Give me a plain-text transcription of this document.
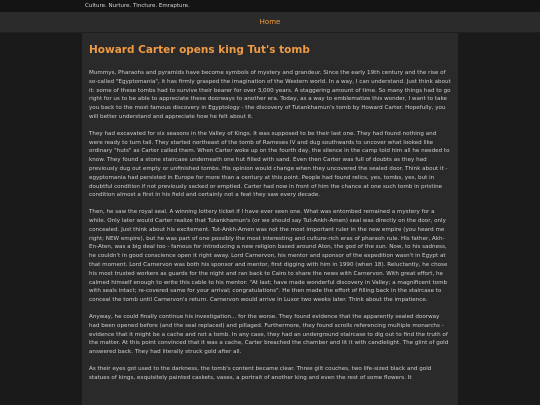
Culture. Nurture. Tincture. Emrapture.
Home
Howard Carter opens king Tut's tomb

Mummys, Pharaohs and pyramids have become symbols of mystery and grandeur. Since the early 19th century and the rise of so-called "Egyptomania", it has firmly grasped the imagination of the Western world. In a way, I can understand. Just think about it: some of these tombs had to survive their bearer for over 3,000 years. A staggering amount of time. So many things had to go right for us to be able to appreciate these doorways to another era. Today, as a way to emblematize this wonder, I want to take you back to the most famous discovery in Egyptology - the discovery of Tutankhamun's tomb by Howard Carter. Hopefully, you will better understand and appreciate how he felt about it.

They had excavated for six seasons in the Valley of Kings. It was supposed to be their last one. They had found nothing and were ready to turn tail. They started northeast of the tomb of Rameses IV and dug southwards to uncover what looked like ordinary "huts" as Carter called them. When Carter woke up on the fourth day, the silence in the camp told him all he needed to know. They found a stone staircase underneath one hut filled with sand. Even then Carter was full of doubts as they had previously dug out empty or unfinished tombs. His opinion would change when they uncovered the sealed door. Think about it - egyptomania had persisted in Europe for more than a century at this point. People had found relics, yes, tombs, yes, but in doubtful condition if not previously sacked or emptied. Carter had now in front of him the chance at one such tomb in pristine condition almost a first in his field and certainly not a feat they saw every decade.

Then, he saw the royal seal. A winning lottery ticket if I have ever seen one. What was entombed remained a mystery for a while. Only later would Carter realize that Tutankhamun's (or we should say Tut-Ankh-Amen) seal was directly on the door, only concealed. Just think about his excitement. Tut-Ankh-Amen was not the most important ruler in the new empire (you heard me right; NEW empire), but he was part of one possibly the most interesting and culture-rich eras of pharaoh rule. His father, Akh-En-Aten, was a big deal too - famous for introducing a new religion based around Aton, the god of the sun. Now, to his sadness, he couldn't in good conscience open it right away. Lord Carnervon, his mentor and sponsor of the expedition wasn't in Egypt at that moment. Lord Carnervon was both his sponsor and mentor, first digging with him in 1990 (when 18). Reluctantly, he chose his most trusted workers as guards for the night and ran back to Cairo to share the news with Carnervon. With great effort, he calmed himself enough to write this cable to his mentor: "At last; have made wonderful discovery in Valley; a magnificent tomb with seals intact; re-covered same for your arrival; congratulations". He then made the effort of filling back in the staircase to conceal the tomb until Carnervon's return. Carnervon would arrive in Luxor two weeks later. Think about the impatience.

Anyway, he could finally continue his investigation... for the worse. They found evidence that the apparently sealed doorway had been opened before (and the seal replaced) and pillaged. Furthermore, they found scrolls referencing multiple monarchs - evidence that it might be a cache and not a tomb. In any case, they had an underground staircase to dig out to find the truth of the matter. At this point convinced that it was a cache, Carter breached the chamber and lit it with candlelight. The glint of gold answered back. They had literally struck gold after all.

As their eyes got used to the darkness, the tomb's content became clear. Three gilt couches, two life-sized black and gold statues of kings, exquisitely painted caskets, vases, a portrait of another king and even the rest of some flowers. It
